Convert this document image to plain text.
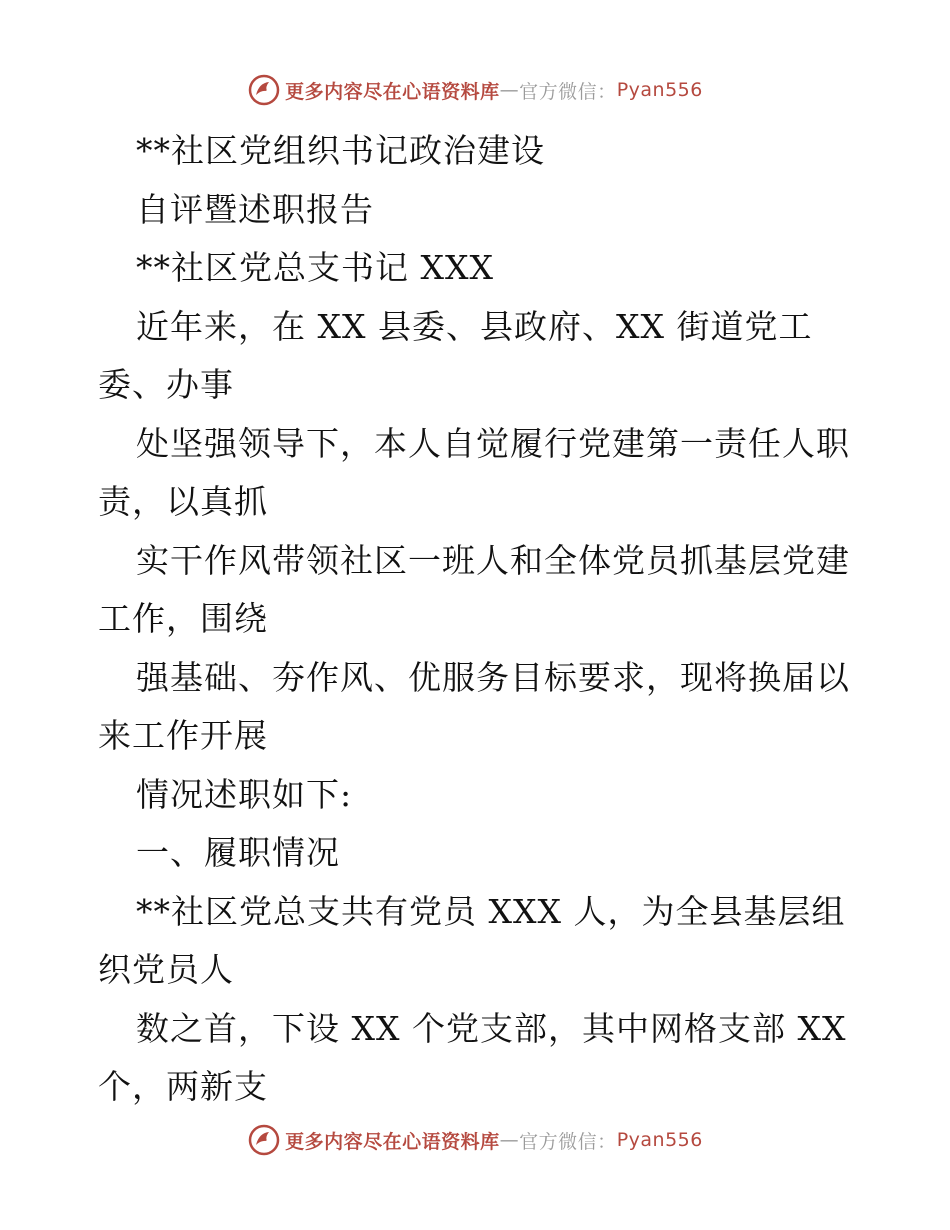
更多内容尽在心语资料库 — 官方微信： Pyan556
**社区党组织书记政治建设
自评暨述职报告
**社区党总支书记 XXX
近年来，在 XX 县委、县政府、XX 街道党工
委、办事
处坚强领导下，本人自觉履行党建第一责任人职
责，以真抓
实干作风带领社区一班人和全体党员抓基层党建
工作，围绕
强基础、夯作风、优服务目标要求，现将换届以
来工作开展
情况述职如下:
一、履职情况
**社区党总支共有党员 XXX 人，为全县基层组
织党员人
数之首，下设 XX 个党支部，其中网格支部 XX
个，两新支
更多内容尽在心语资料库 — 官方微信： Pyan556
